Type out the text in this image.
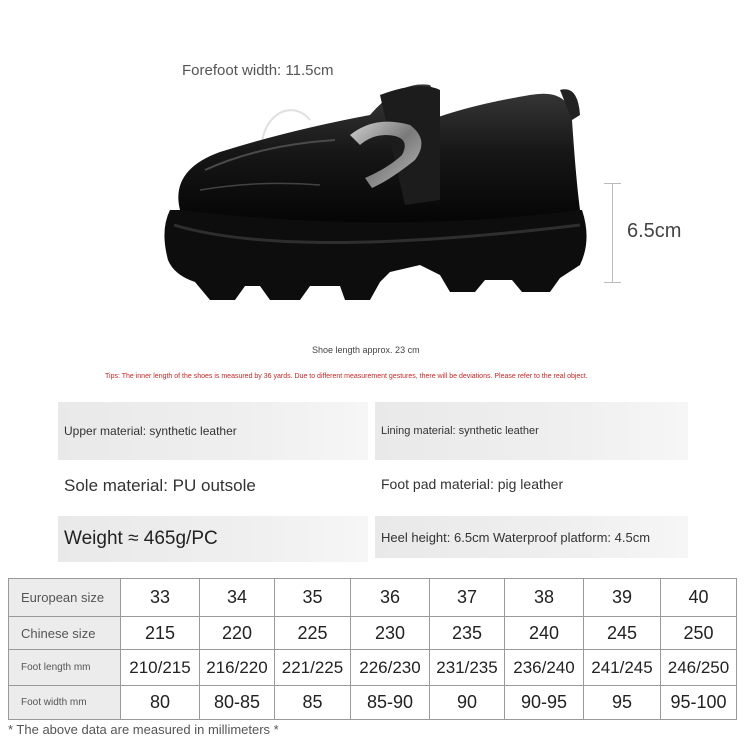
Forefoot width: 11.5cm
6.5cm
Shoe length approx. 23 cm
Tips: The inner length of the shoes is measured by 36 yards. Due to different measurement gestures, there will be deviations. Please refer to the real object.
Upper material: synthetic leather	Lining material: synthetic leather
Sole material: PU outsole	Foot pad material: pig leather
Weight ≈ 465g/PC	Heel height: 6.5cm Waterproof platform: 4.5cm
European size	33	34	35	36	37	38	39	40
Chinese size	215	220	225	230	235	240	245	250
Foot length mm	210/215	216/220	221/225	226/230	231/235	236/240	241/245	246/250
Foot width mm	80	80-85	85	85-90	90	90-95	95	95-100
* The above data are measured in millimeters *
